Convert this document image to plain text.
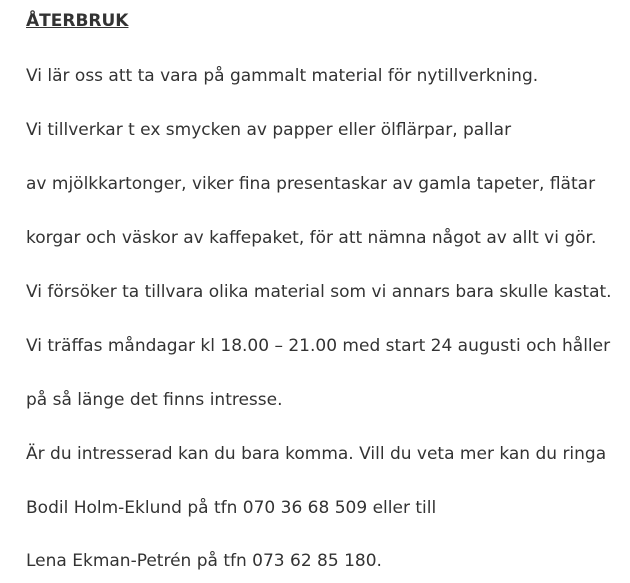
ÅTERBRUK
Vi lär oss att ta vara på gammalt material för nytillverkning.
Vi tillverkar t ex smycken av papper eller ölflärpar, pallar
av mjölkkartonger, viker fina presentaskar av gamla tapeter, flätar
korgar och väskor av kaffepaket, för att nämna något av allt vi gör.
Vi försöker ta tillvara olika material som vi annars bara skulle kastat.
Vi träffas måndagar kl 18.00 – 21.00 med start 24 augusti och håller
på så länge det finns intresse.
Är du intresserad kan du bara komma. Vill du veta mer kan du ringa
Bodil Holm-Eklund på tfn 070 36 68 509 eller till
Lena Ekman-Petrén på tfn 073 62 85 180.
